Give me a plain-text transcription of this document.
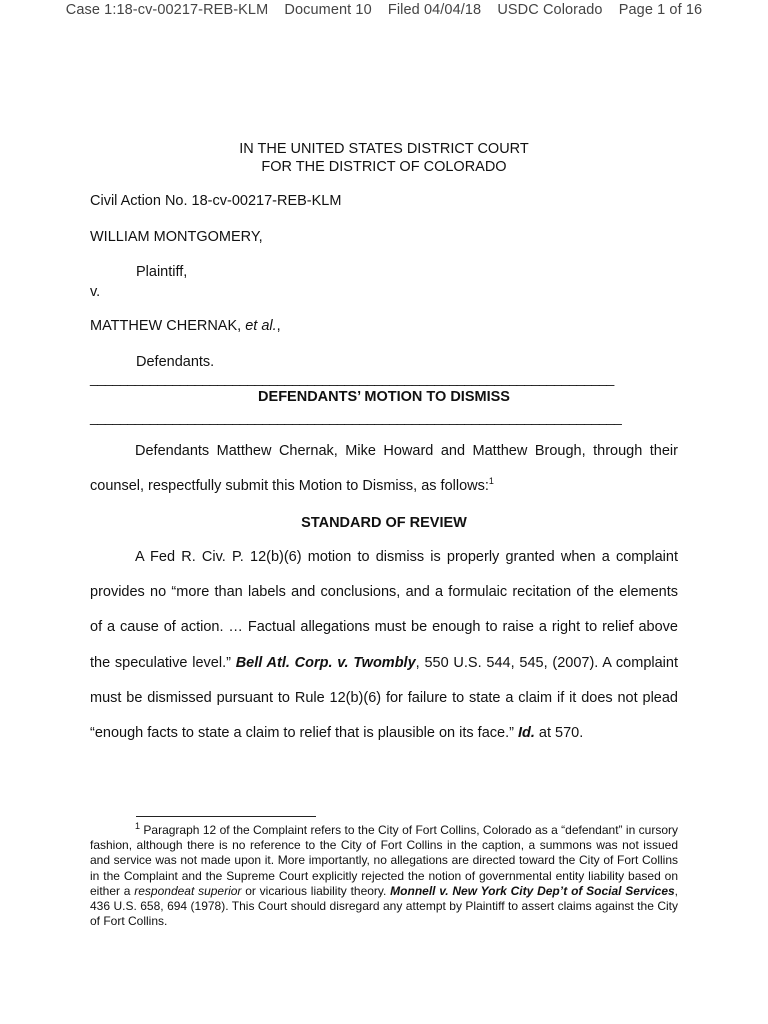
Case 1:18-cv-00217-REB-KLM Document 10 Filed 04/04/18 USDC Colorado Page 1 of 16
IN THE UNITED STATES DISTRICT COURT
FOR THE DISTRICT OF COLORADO
Civil Action No. 18-cv-00217-REB-KLM
WILLIAM MONTGOMERY,
Plaintiff,
v.
MATTHEW CHERNAK, et al.,
Defendants.
______________________________________________________________________
DEFENDANTS’ MOTION TO DISMISS
_______________________________________________________________________
Defendants Matthew Chernak, Mike Howard and Matthew Brough, through their counsel, respectfully submit this Motion to Dismiss, as follows:$^1$
STANDARD OF REVIEW
A Fed R. Civ. P. 12(b)(6) motion to dismiss is properly granted when a complaint provides no “more than labels and conclusions, and a formulaic recitation of the elements of a cause of action. … Factual allegations must be enough to raise a right to relief above the speculative level.” Bell Atl. Corp. v. Twombly, 550 U.S. 544, 545, (2007). A complaint must be dismissed pursuant to Rule 12(b)(6) for failure to state a claim if it does not plead “enough facts to state a claim to relief that is plausible on its face.” Id. at 570.
$^1$ Paragraph 12 of the Complaint refers to the City of Fort Collins, Colorado as a “defendant” in cursory fashion, although there is no reference to the City of Fort Collins in the caption, a summons was not issued and service was not made upon it. More importantly, no allegations are directed toward the City of Fort Collins in the Complaint and the Supreme Court explicitly rejected the notion of governmental entity liability based on either a respondeat superior or vicarious liability theory. Monnell v. New York City Dep’t of Social Services, 436 U.S. 658, 694 (1978). This Court should disregard any attempt by Plaintiff to assert claims against the City of Fort Collins.
